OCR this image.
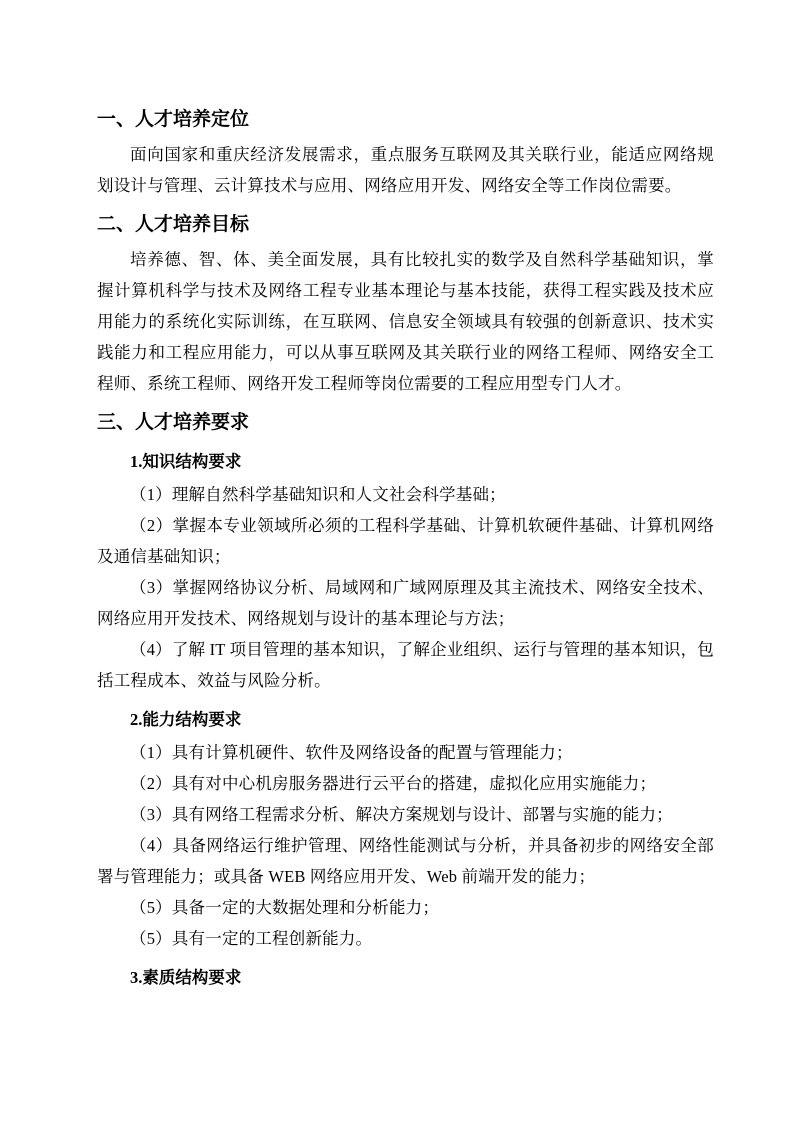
一、人才培养定位

面向国家和重庆经济发展需求，重点服务互联网及其关联行业，能适应网络规划设计与管理、云计算技术与应用、网络应用开发、网络安全等工作岗位需要。

二、人才培养目标

培养德、智、体、美全面发展，具有比较扎实的数学及自然科学基础知识，掌握计算机科学与技术及网络工程专业基本理论与基本技能，获得工程实践及技术应用能力的系统化实际训练，在互联网、信息安全领域具有较强的创新意识、技术实践能力和工程应用能力，可以从事互联网及其关联行业的网络工程师、网络安全工程师、系统工程师、网络开发工程师等岗位需要的工程应用型专门人才。

三、人才培养要求

1.知识结构要求

（1）理解自然科学基础知识和人文社会科学基础；

（2）掌握本专业领域所必须的工程科学基础、计算机软硬件基础、计算机网络及通信基础知识；

（3）掌握网络协议分析、局域网和广域网原理及其主流技术、网络安全技术、网络应用开发技术、网络规划与设计的基本理论与方法；

（4）了解 IT 项目管理的基本知识，了解企业组织、运行与管理的基本知识，包括工程成本、效益与风险分析。

2.能力结构要求

（1）具有计算机硬件、软件及网络设备的配置与管理能力；

（2）具有对中心机房服务器进行云平台的搭建，虚拟化应用实施能力；

（3）具有网络工程需求分析、解决方案规划与设计、部署与实施的能力；

（4）具备网络运行维护管理、网络性能测试与分析，并具备初步的网络安全部署与管理能力；或具备 WEB 网络应用开发、Web 前端开发的能力；

（5）具备一定的大数据处理和分析能力；

（5）具有一定的工程创新能力。

3.素质结构要求
